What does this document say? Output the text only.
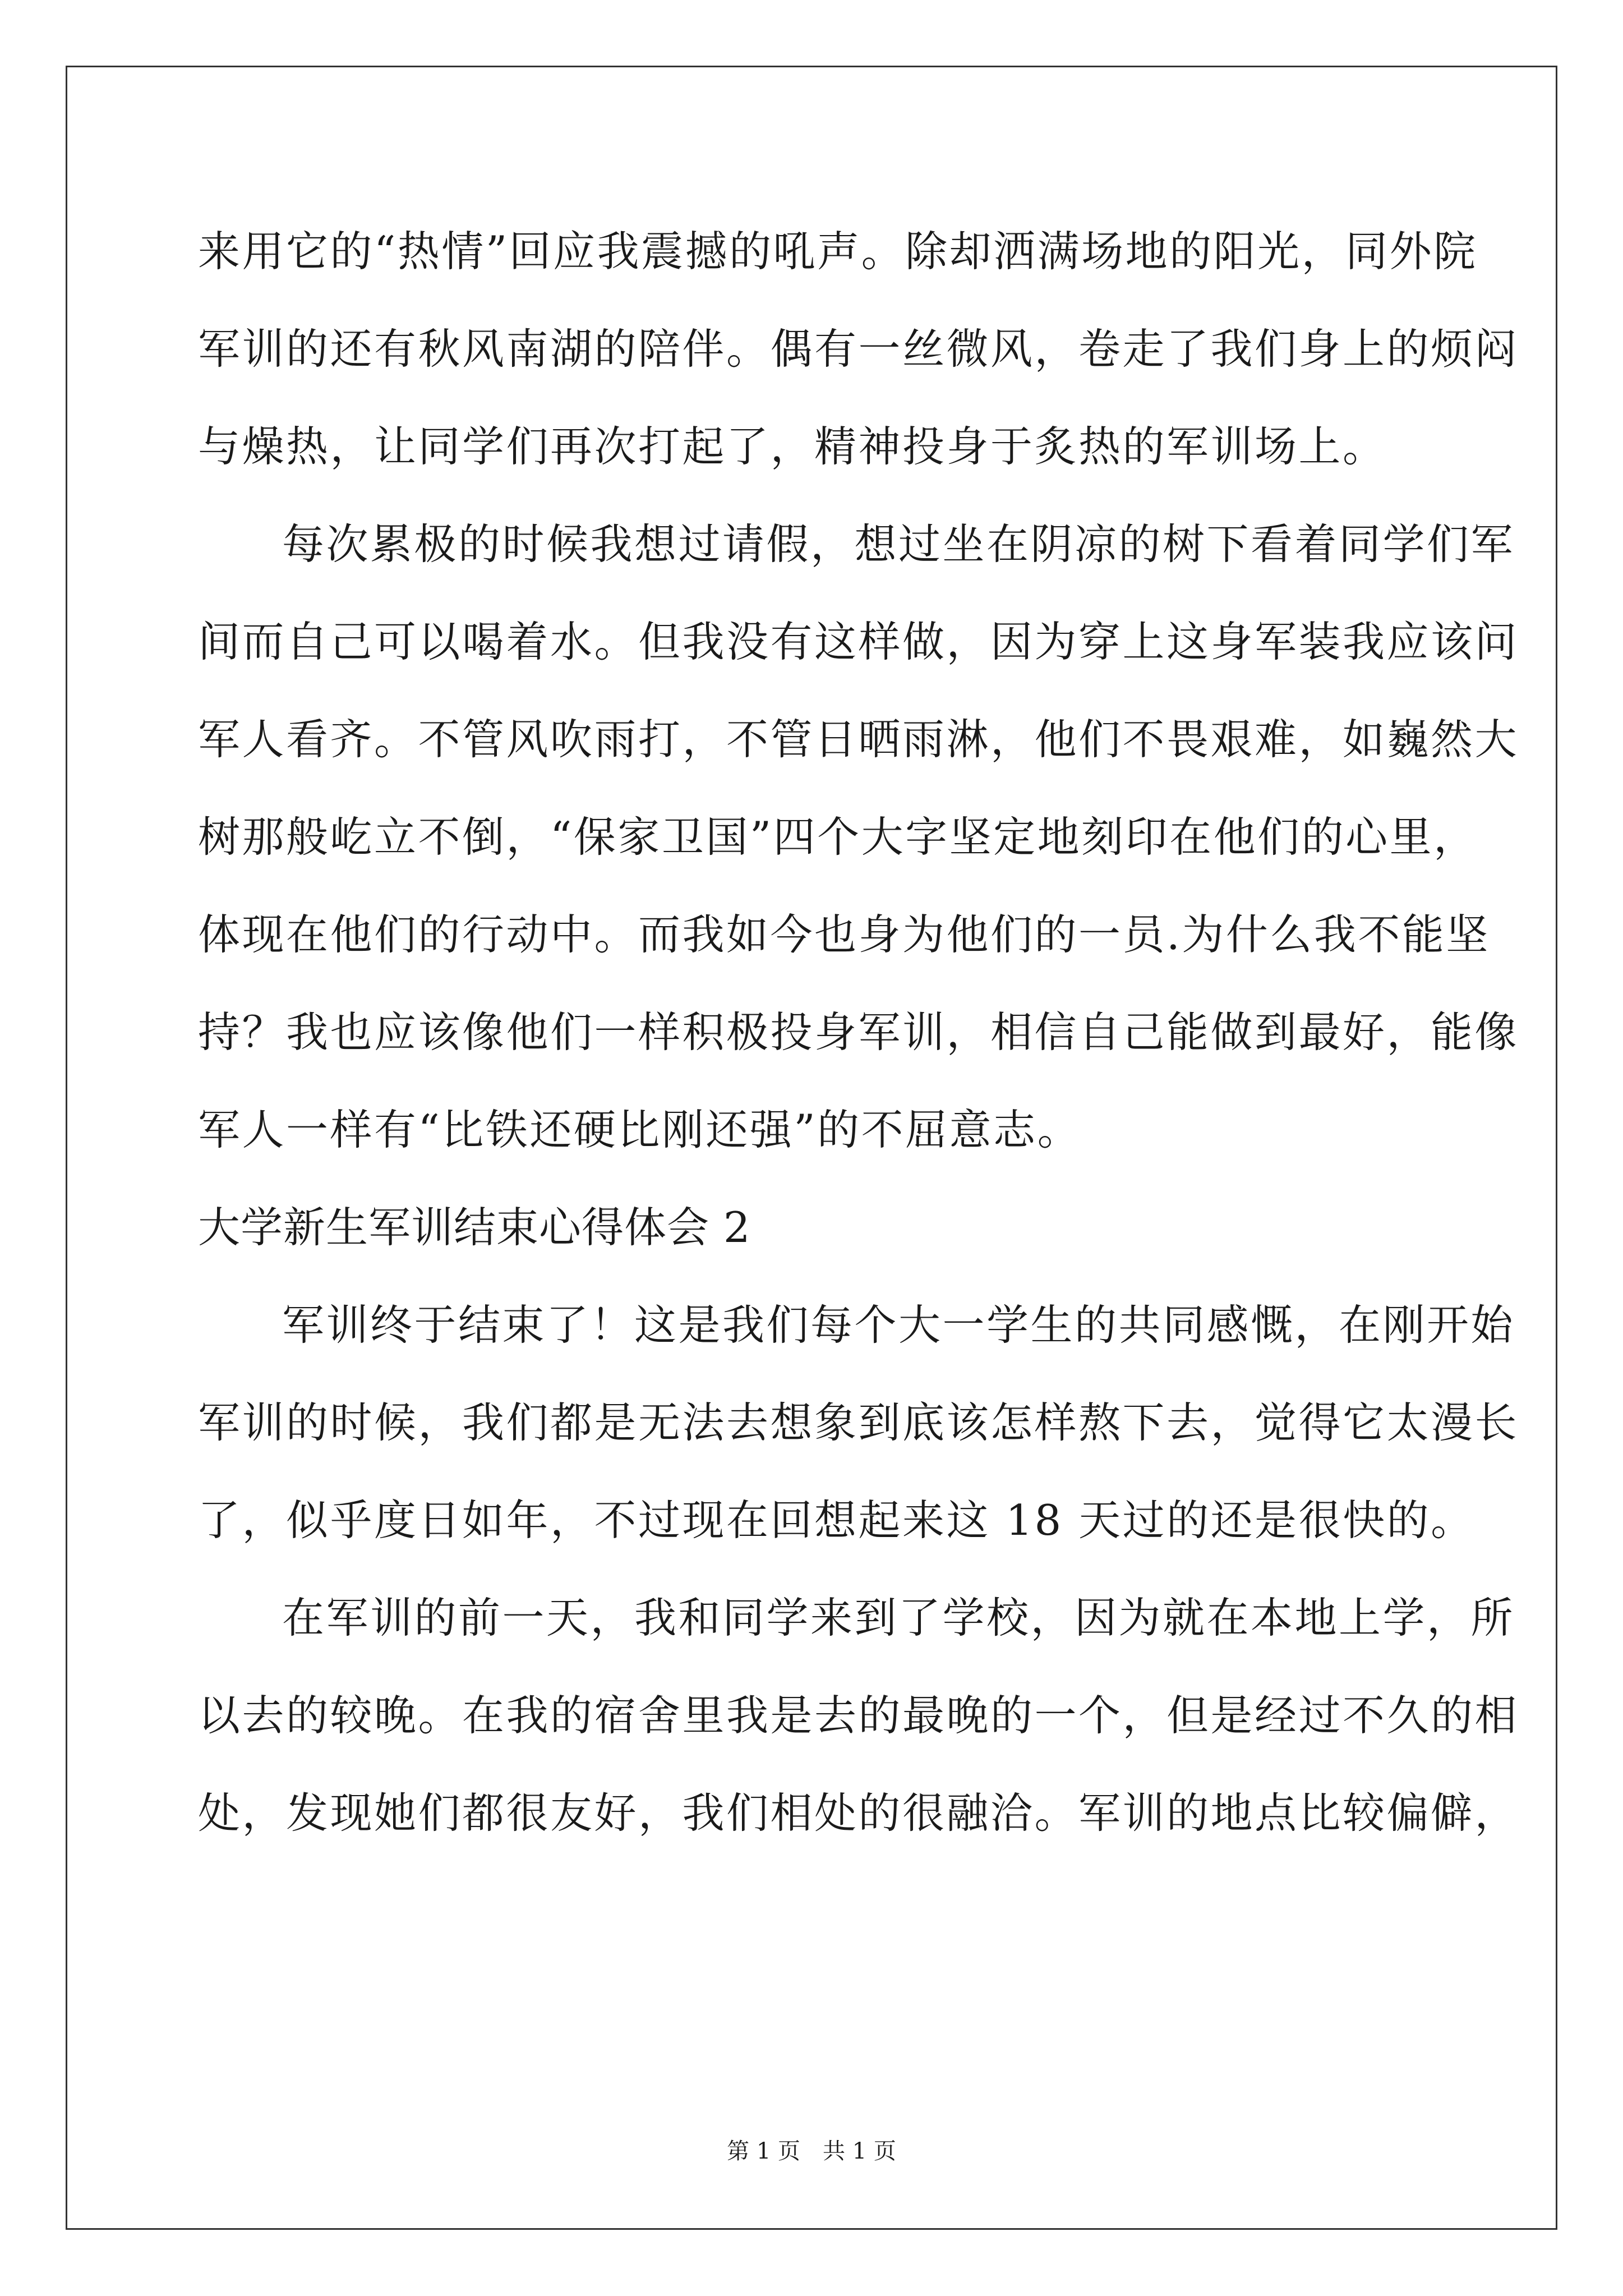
来用它的“热情”回应我震撼的吼声。除却洒满场地的阳光，同外院
军训的还有秋风南湖的陪伴。偶有一丝微风，卷走了我们身上的烦闷
与燥热，让同学们再次打起了，精神投身于炙热的军训场上。
每次累极的时候我想过请假，想过坐在阴凉的树下看着同学们军
间而自己可以喝着水。但我没有这样做，因为穿上这身军装我应该问
军人看齐。不管风吹雨打，不管日晒雨淋，他们不畏艰难，如巍然大
树那般屹立不倒，“保家卫国”四个大字坚定地刻印在他们的心里，
体现在他们的行动中。而我如今也身为他们的一员.为什么我不能坚
持？我也应该像他们一样积极投身军训，相信自己能做到最好，能像
军人一样有“比铁还硬比刚还强”的不屈意志。
大学新生军训结束心得体会 2
军训终于结束了！这是我们每个大一学生的共同感慨，在刚开始
军训的时候，我们都是无法去想象到底该怎样熬下去，觉得它太漫长
了，似乎度日如年，不过现在回想起来这 18 天过的还是很快的。
在军训的前一天，我和同学来到了学校，因为就在本地上学，所
以去的较晚。在我的宿舍里我是去的最晚的一个，但是经过不久的相
处，发现她们都很友好，我们相处的很融洽。军训的地点比较偏僻，
第 1 页 共 1 页
